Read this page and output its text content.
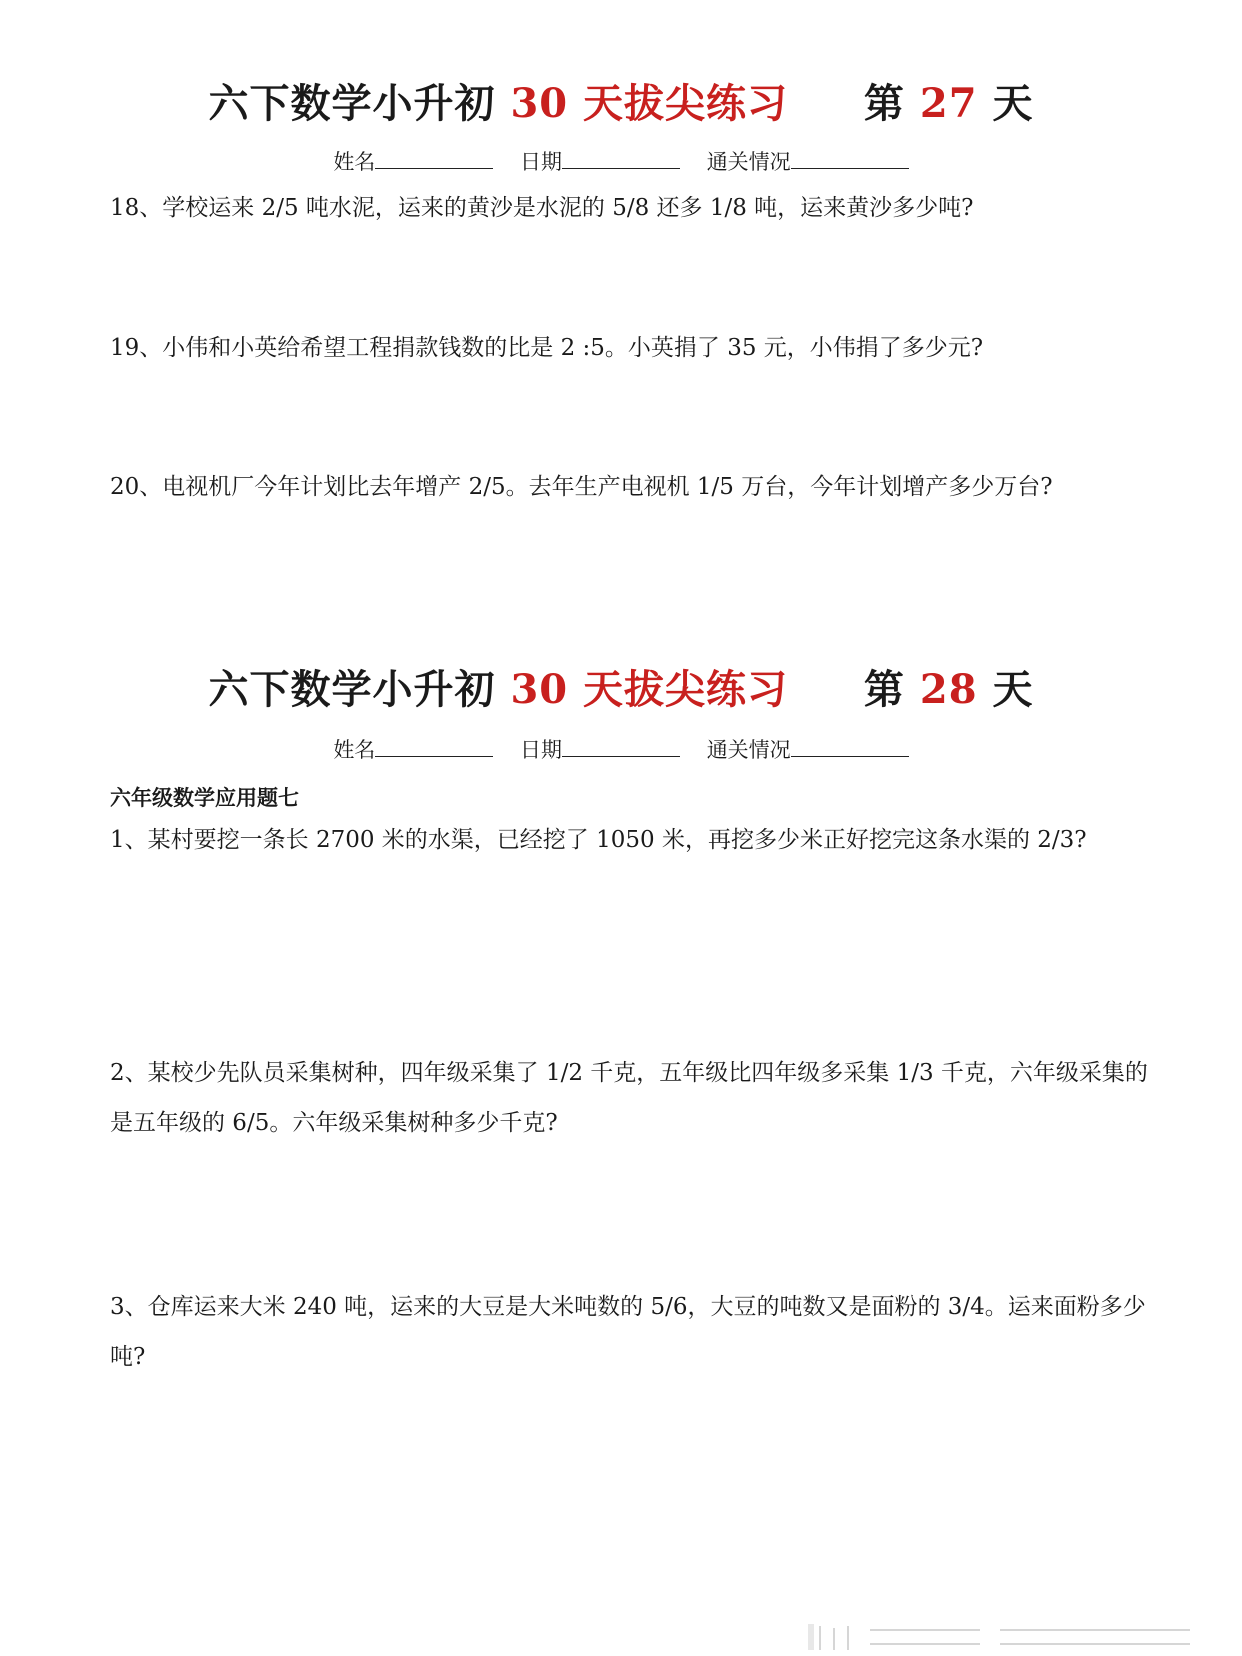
六下数学小升初 30 天拔尖练习 第 27 天
姓名	日期	通关情况
18、学校运来 2/5 吨水泥，运来的黄沙是水泥的 5/8 还多 1/8 吨，运来黄沙多少吨?
19、小伟和小英给希望工程捐款钱数的比是 2 :5。小英捐了 35 元，小伟捐了多少元?
20、电视机厂今年计划比去年增产 2/5。去年生产电视机 1/5 万台，今年计划增产多少万台?
六下数学小升初 30 天拔尖练习 第 28 天
姓名	日期	通关情况
六年级数学应用题七
1、某村要挖一条长 2700 米的水渠，已经挖了 1050 米，再挖多少米正好挖完这条水渠的 2/3?
2、某校少先队员采集树种，四年级采集了 1/2 千克，五年级比四年级多采集 1/3 千克，六年级采集的是五年级的 6/5。六年级采集树种多少千克?
3、仓库运来大米 240 吨，运来的大豆是大米吨数的 5/6，大豆的吨数又是面粉的 3/4。运来面粉多少吨?
